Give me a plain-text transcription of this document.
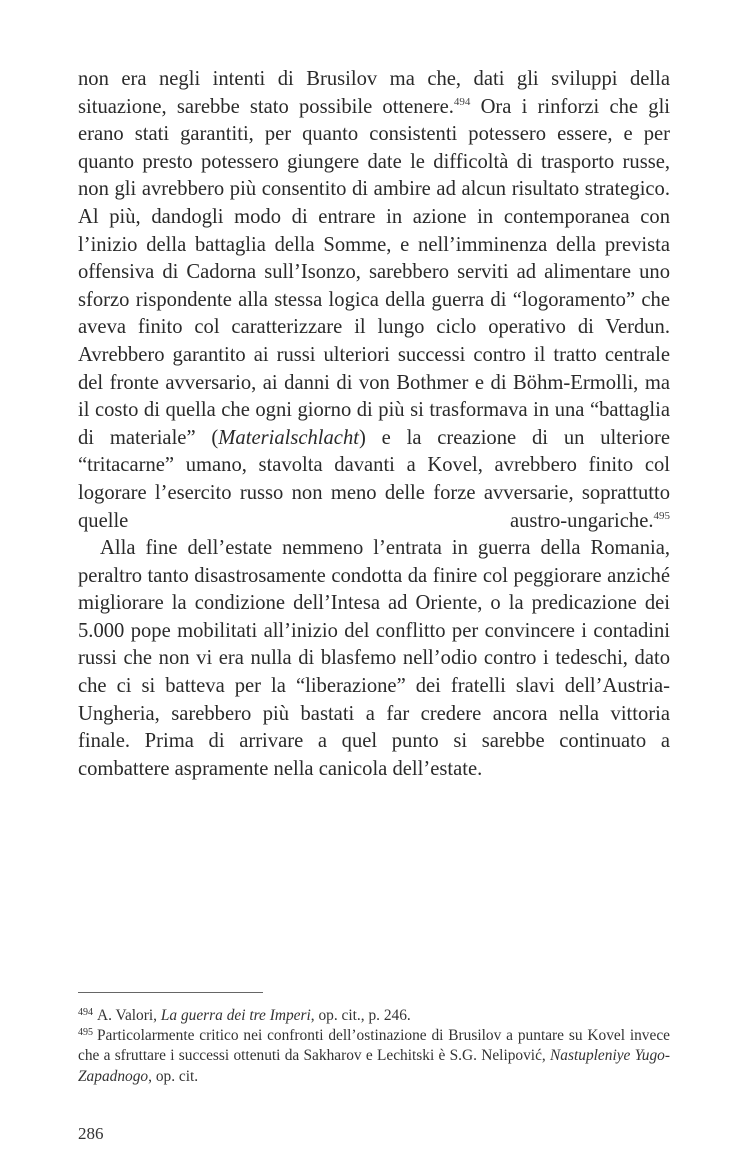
non era negli intenti di Brusilov ma che, dati gli sviluppi della situazione, sarebbe stato possibile ottenere.$^{494}$ Ora i rinforzi che gli erano stati garantiti, per quanto consistenti potessero essere, e per quanto presto potessero giungere date le difficoltà di trasporto russe, non gli avrebbero più consentito di ambire ad alcun risultato strategico. Al più, dandogli modo di entrare in azione in contemporanea con l’inizio della battaglia della Somme, e nell’imminenza della prevista offensiva di Cadorna sull’Isonzo, sarebbero serviti ad alimentare uno sforzo rispondente alla stessa logica della guerra di “logoramento” che aveva finito col caratterizzare il lungo ciclo operativo di Verdun. Avrebbero garantito ai russi ulteriori successi contro il tratto centrale del fronte avversario, ai danni di von Bothmer e di Böhm-Ermolli, ma il costo di quella che ogni giorno di più si trasformava in una “battaglia di materiale” (Materialschlacht) e la creazione di un ulteriore “tritacarne” umano, stavolta davanti a Kovel, avrebbero finito col logorare l’esercito russo non meno delle forze avversarie, soprattutto quelle austro-ungariche.$^{495}$

Alla fine dell’estate nemmeno l’entrata in guerra della Romania, peraltro tanto disastrosamente condotta da finire col peggiorare anziché migliorare la condizione dell’Intesa ad Oriente, o la predicazione dei 5.000 pope mobilitati all’inizio del conflitto per convincere i contadini russi che non vi era nulla di blasfemo nell’odio contro i tedeschi, dato che ci si batteva per la “liberazione” dei fratelli slavi dell’Austria-Ungheria, sarebbero più bastati a far credere ancora nella vittoria finale. Prima di arrivare a quel punto si sarebbe continuato a combattere aspramente nella canicola dell’estate.

$^{494}$ A. Valori, La guerra dei tre Imperi, op. cit., p. 246.

$^{495}$ Particolarmente critico nei confronti dell’ostinazione di Brusilov a puntare su Kovel invece che a sfruttare i successi ottenuti da Sakharov e Lechitski è S.G. Nelipović, Nastupleniye Yugo-Zapadnogo, op. cit.

286
